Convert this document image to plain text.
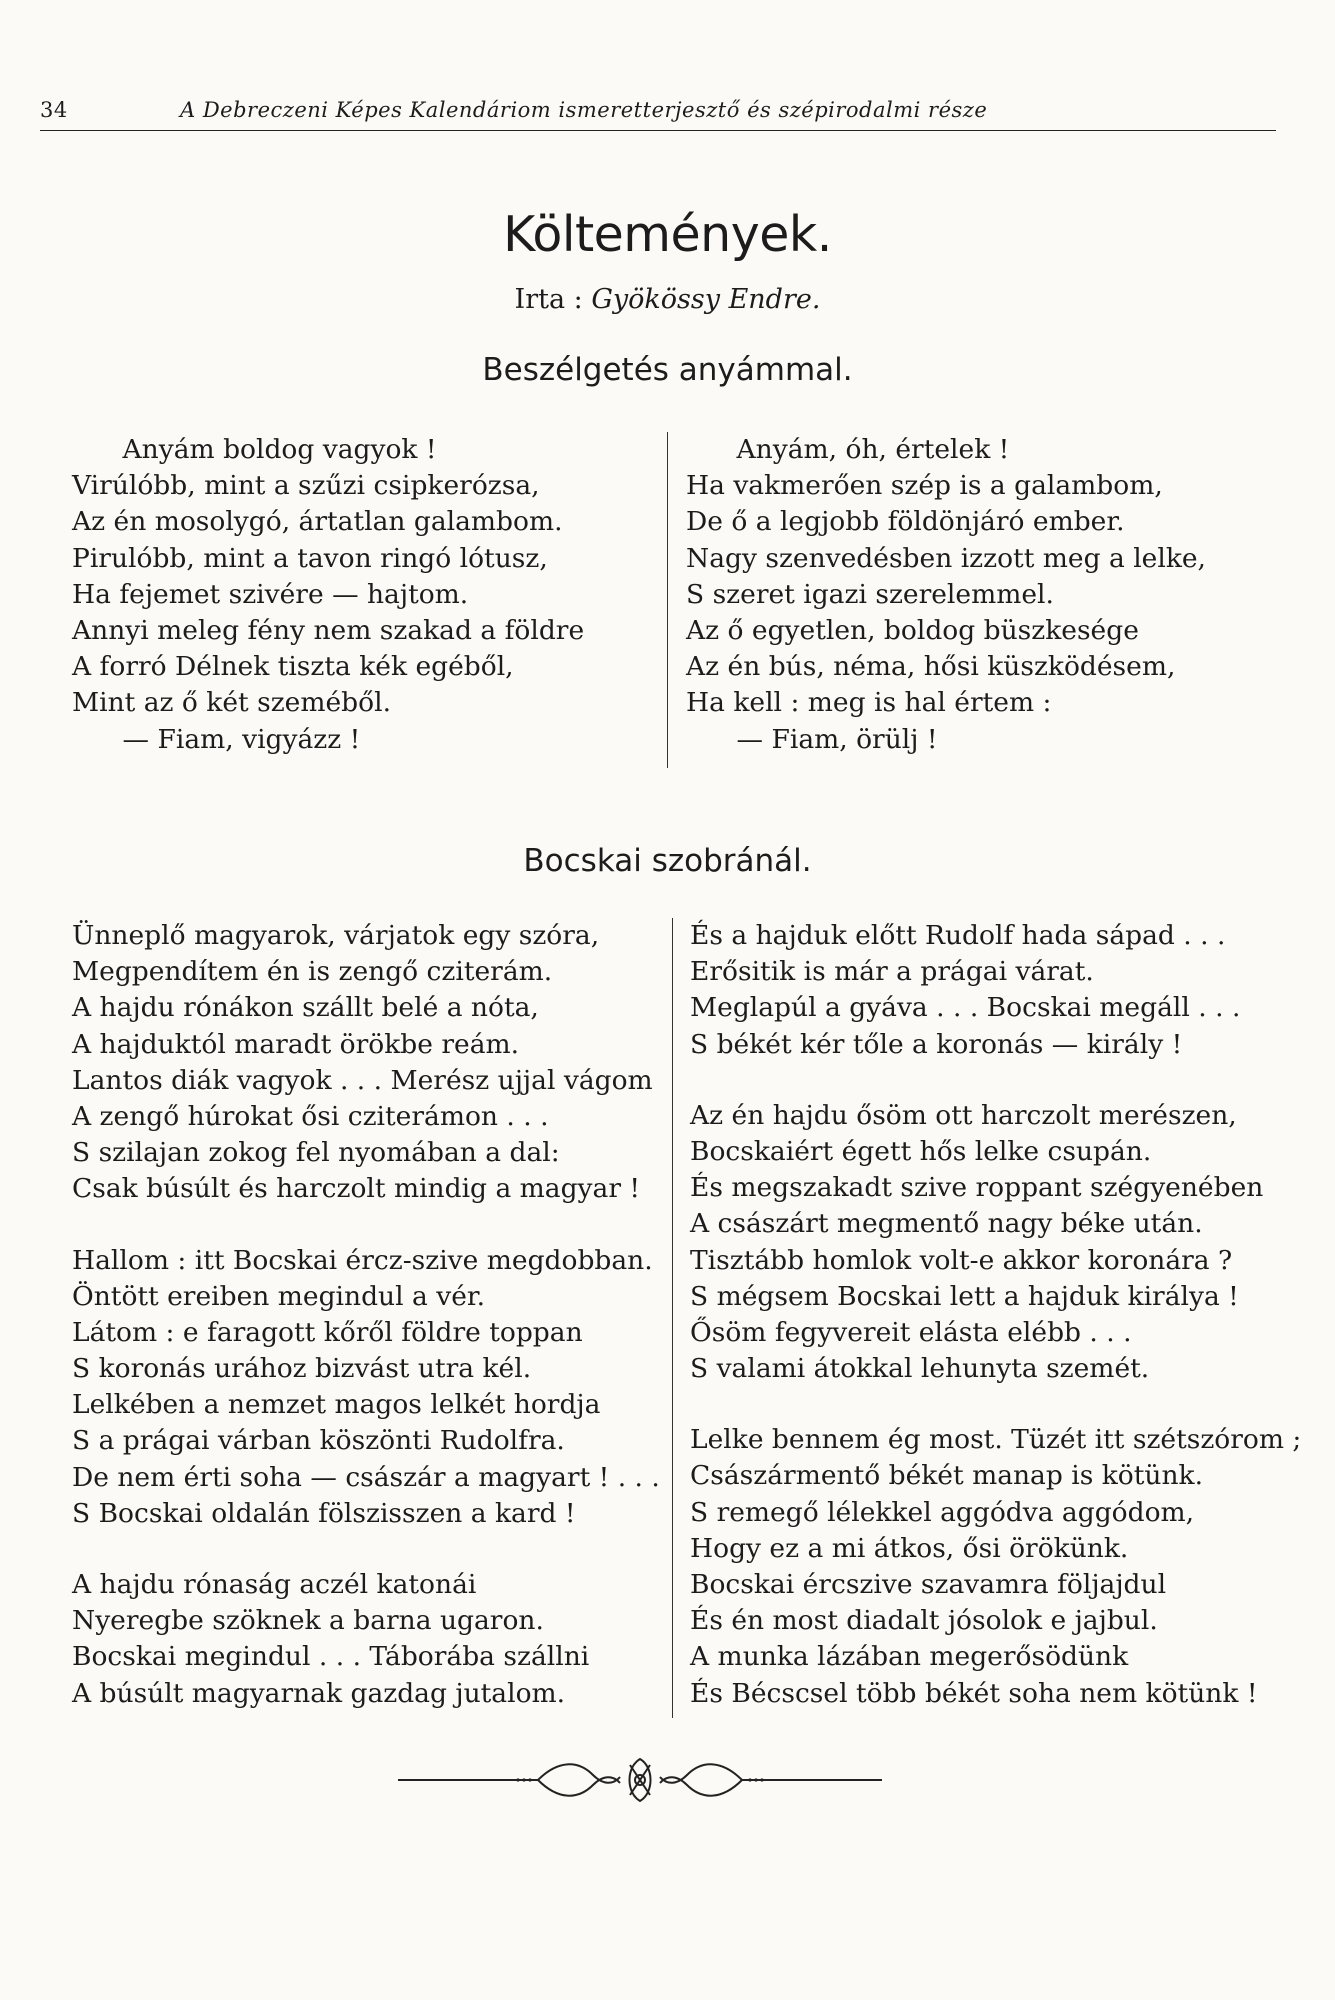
34	A Debreczeni Képes Kalendáriom ismeretterjesztő és szépirodalmi része
Költemények.
Irta : Gyökössy Endre.
Beszélgetés anyámmal.
Anyám boldog vagyok !
Virúlóbb, mint a szűzi csipkerózsa,
Az én mosolygó, ártatlan galambom.
Pirulóbb, mint a tavon ringó lótusz,
Ha fejemet szivére — hajtom.
Annyi meleg fény nem szakad a földre
A forró Délnek tiszta kék egéből,
Mint az ő két szeméből.
— Fiam, vigyázz !
Anyám, óh, értelek !
Ha vakmerően szép is a galambom,
De ő a legjobb földönjáró ember.
Nagy szenvedésben izzott meg a lelke,
S szeret igazi szerelemmel.
Az ő egyetlen, boldog büszkesége
Az én bús, néma, hősi küszködésem,
Ha kell : meg is hal értem :
— Fiam, örülj !
Bocskai szobránál.
Ünneplő magyarok, várjatok egy szóra,
Megpendítem én is zengő cziterám.
A hajdu rónákon szállt belé a nóta,
A hajduktól maradt örökbe reám.
Lantos diák vagyok . . . Merész ujjal vágom
A zengő húrokat ősi cziterámon . . .
S szilajan zokog fel nyomában a dal:
Csak búsúlt és harczolt mindig a magyar !
Hallom : itt Bocskai ércz-szive megdobban.
Öntött ereiben megindul a vér.
Látom : e faragott kőről földre toppan
S koronás urához bizvást utra kél.
Lelkében a nemzet magos lelkét hordja
S a prágai várban köszönti Rudolfra.
De nem érti soha — császár a magyart ! . . .
S Bocskai oldalán fölszisszen a kard !
A hajdu rónaság aczél katonái
Nyeregbe szöknek a barna ugaron.
Bocskai megindul . . . Táborába szállni
A búsúlt magyarnak gazdag jutalom.
És a hajduk előtt Rudolf hada sápad . . .
Erősitik is már a prágai várat.
Meglapúl a gyáva . . . Bocskai megáll . . .
S békét kér tőle a koronás — király !
Az én hajdu ősöm ott harczolt merészen,
Bocskaiért égett hős lelke csupán.
És megszakadt szive roppant szégyenében
A császárt megmentő nagy béke után.
Tisztább homlok volt-e akkor koronára ?
S mégsem Bocskai lett a hajduk királya !
Ősöm fegyvereit elásta elébb . . .
S valami átokkal lehunyta szemét.
Lelke bennem ég most. Tüzét itt szétszórom ;
Császármentő békét manap is kötünk.
S remegő lélekkel aggódva aggódom,
Hogy ez a mi átkos, ősi örökünk.
Bocskai ércszive szavamra följajdul
És én most diadalt jósolok e jajbul.
A munka lázában megerősödünk
És Bécscsel több békét soha nem kötünk !
